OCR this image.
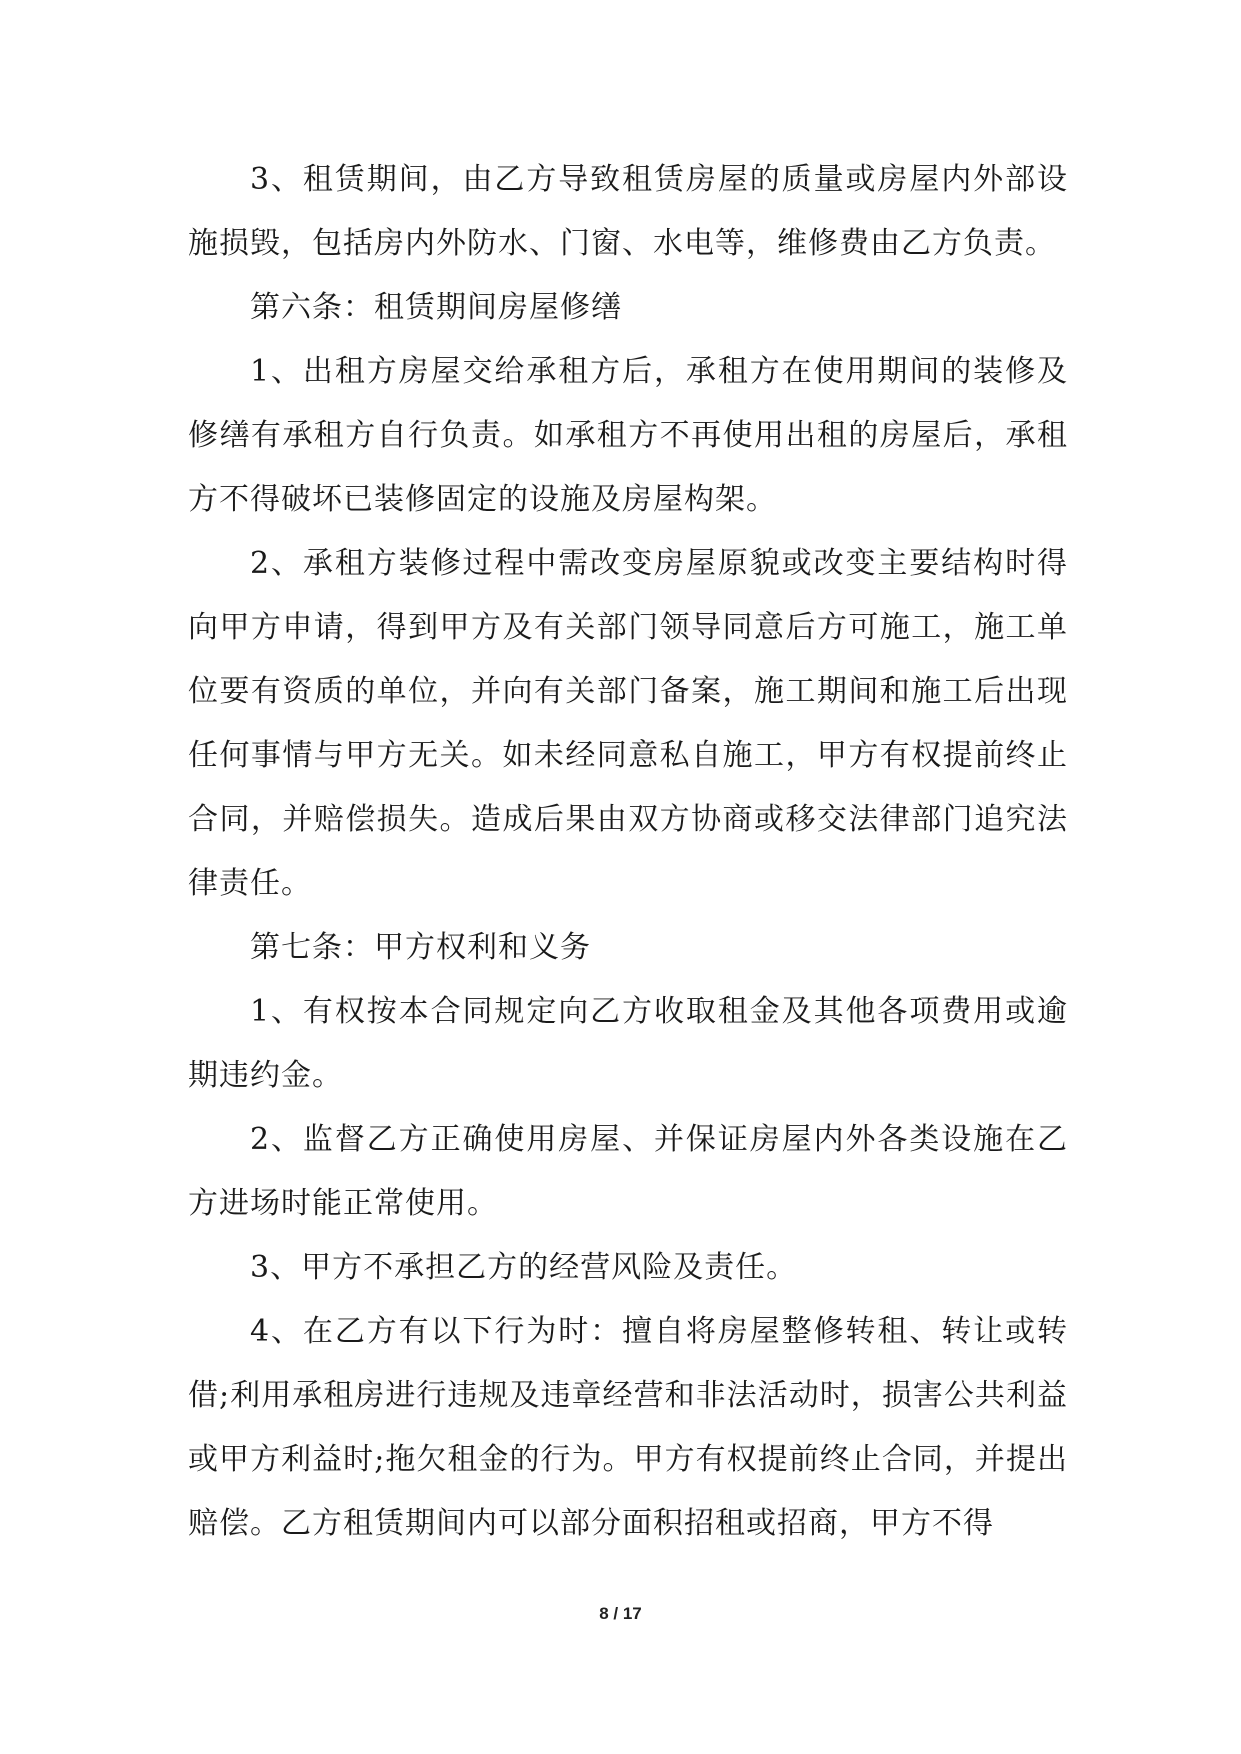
3、租赁期间，由乙方导致租赁房屋的质量或房屋内外部设施损毁，包括房内外防水、门窗、水电等，维修费由乙方负责。

第六条：租赁期间房屋修缮

1、出租方房屋交给承租方后，承租方在使用期间的装修及修缮有承租方自行负责。如承租方不再使用出租的房屋后，承租方不得破坏已装修固定的设施及房屋构架。

2、承租方装修过程中需改变房屋原貌或改变主要结构时得向甲方申请，得到甲方及有关部门领导同意后方可施工，施工单位要有资质的单位，并向有关部门备案，施工期间和施工后出现任何事情与甲方无关。如未经同意私自施工，甲方有权提前终止合同，并赔偿损失。造成后果由双方协商或移交法律部门追究法律责任。

第七条：甲方权利和义务

1、有权按本合同规定向乙方收取租金及其他各项费用或逾期违约金。

2、监督乙方正确使用房屋、并保证房屋内外各类设施在乙方进场时能正常使用。

3、甲方不承担乙方的经营风险及责任。

4、在乙方有以下行为时：擅自将房屋整修转租、转让或转借;利用承租房进行违规及违章经营和非法活动时，损害公共利益或甲方利益时;拖欠租金的行为。甲方有权提前终止合同，并提出赔偿。乙方租赁期间内可以部分面积招租或招商，甲方不得

8 / 17
